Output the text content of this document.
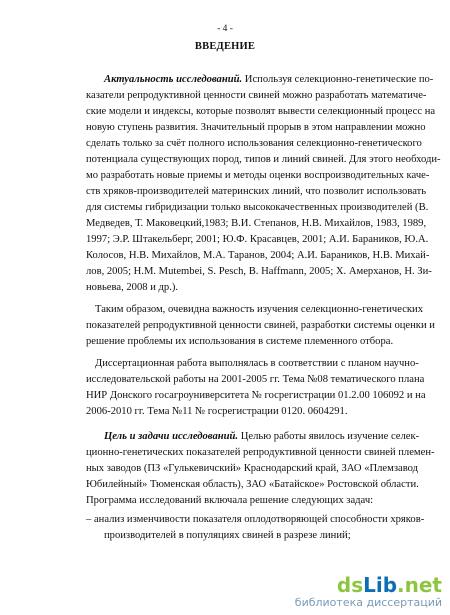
- 4 -
ВВЕДЕНИЕ
Актуальность исследований. Используя селекционно-генетические по-
казатели репродуктивной ценности свиней можно разработать математиче-
ские модели и индексы, которые позволят вывести селекционный процесс на
новую ступень развития. Значительный прорыв в этом направлении можно
сделать только за счёт полного использования селекционно-генетического
потенциала существующих пород, типов и линий свиней. Для этого необходи-
мо разработать новые приемы и методы оценки воспроизводительных каче-
ств хряков-производителей материнских линий, что позволит использовать
для системы гибридизации только высококачественных производителей (В.
Медведев, Т. Маковецкий,1983; В.И. Степанов, Н.В. Михайлов, 1983, 1989,
1997; Э.Р. Штакельберг, 2001; Ю.Ф. Красавцев, 2001; А.И. Бараников, Ю.А.
Колосов, Н.В. Михайлов, М.А. Таранов, 2004; А.И. Бараников, Н.В. Михай-
лов, 2005; Н.М. Mutembei, S. Pesch, B. Haffmann, 2005; Х. Амерханов, Н. Зи-
новьева, 2008 и др.).
Таким образом, очевидна важность изучения селекционно-генетических
показателей репродуктивной ценности свиней, разработки системы оценки и
решение проблемы их использования в системе племенного отбора.
Диссертационная работа выполнялась в соответствии с планом научно-
исследовательской работы на 2001-2005 гг. Тема №08 тематического плана
НИР Донского госагроуниверситета № госрегистрации 01.2.00 106092 и на
2006-2010 гг. Тема №11 № госрегистрации 0120. 0604291.
Цель и задачи исследований. Целью работы явилось изучение селек-
ционно-генетических показателей репродуктивной ценности свиней племен-
ных заводов (ПЗ «Гулькевичский» Краснодарский край, ЗАО «Племзавод
Юбилейный» Тюменская область), ЗАО «Батайское» Ростовской области.
Программа исследований включала решение следующих задач:
– анализ изменчивости показателя оплодотворяющей способности хряков-
производителей в популяциях свиней в разрезе линий;
dsLib.net
библиотека диссертаций
